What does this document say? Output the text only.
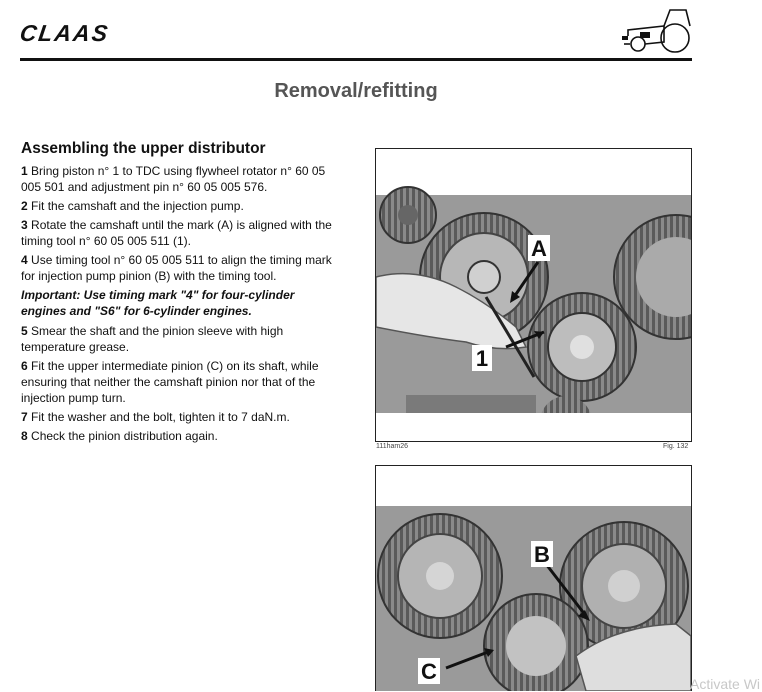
CLAAS
Removal/refitting
Assembling the upper distributor

1 Bring piston n° 1 to TDC using flywheel rotator n° 60 05 005 501 and adjustment pin n° 60 05 005 576.

2 Fit the camshaft and the injection pump.

3 Rotate the camshaft until the mark (A) is aligned with the timing tool n° 60 05 005 511 (1).

4 Use timing tool n° 60 05 005 511 to align the timing mark for injection pump pinion (B) with the timing tool.

Important: Use timing mark "4" for four-cylinder engines and "S6" for 6-cylinder engines.

5 Smear the shaft and the pinion sleeve with high temperature grease.

6 Fit the upper intermediate pinion (C) on its shaft, while ensuring that neither the camshaft pinion nor that of the injection pump turn.

7 Fit the washer and the bolt, tighten it to 7 daN.m.

8 Check the pinion distribution again.

A
1
111ham26	Fig. 132
B
C	Activate Wi
